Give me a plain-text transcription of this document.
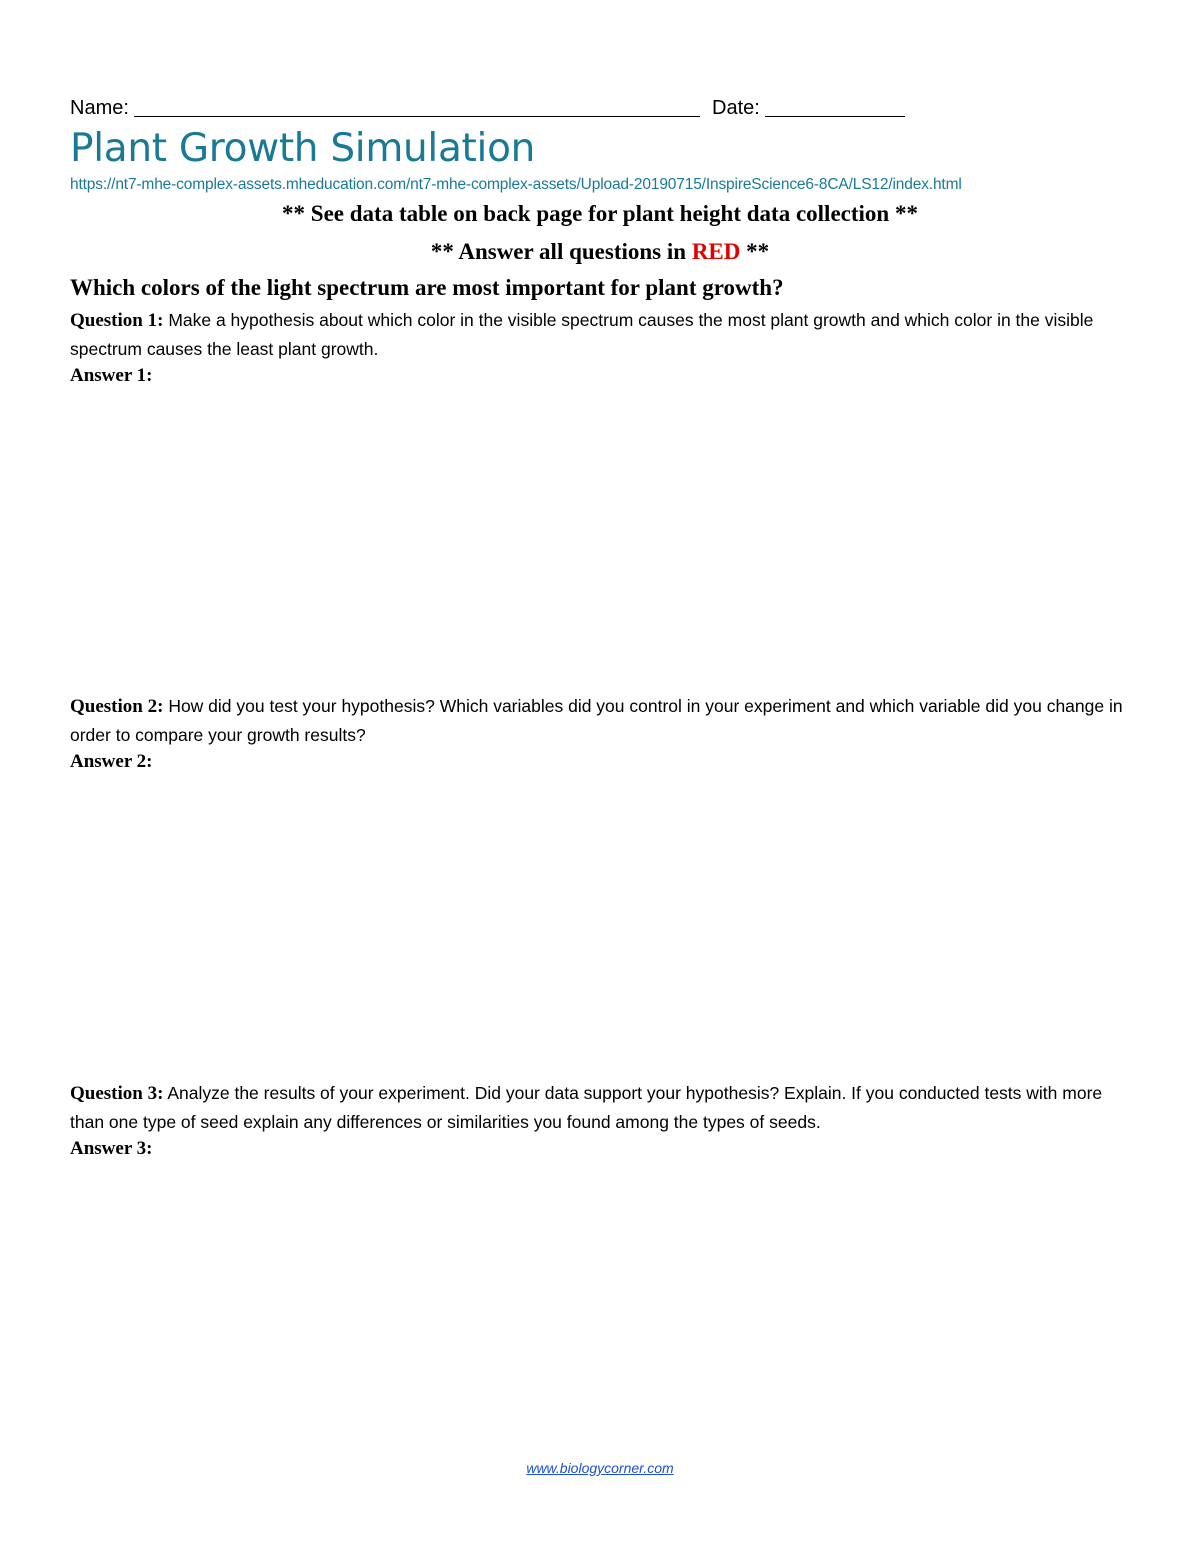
Name:	Date:
Plant Growth Simulation
https://nt7-mhe-complex-assets.mheducation.com/nt7-mhe-complex-assets/Upload-20190715/InspireScience6-8CA/LS12/index.html
** See data table on back page for plant height data collection **
** Answer all questions in RED **
Which colors of the light spectrum are most important for plant growth?
Question 1: Make a hypothesis about which color in the visible spectrum causes the most plant growth and which color in the visible spectrum causes the least plant growth.
Answer 1:
Question 2: How did you test your hypothesis? Which variables did you control in your experiment and which variable did you change in order to compare your growth results?
Answer 2:
Question 3: Analyze the results of your experiment. Did your data support your hypothesis? Explain. If you conducted tests with more than one type of seed explain any differences or similarities you found among the types of seeds.
Answer 3:
www.biologycorner.com
